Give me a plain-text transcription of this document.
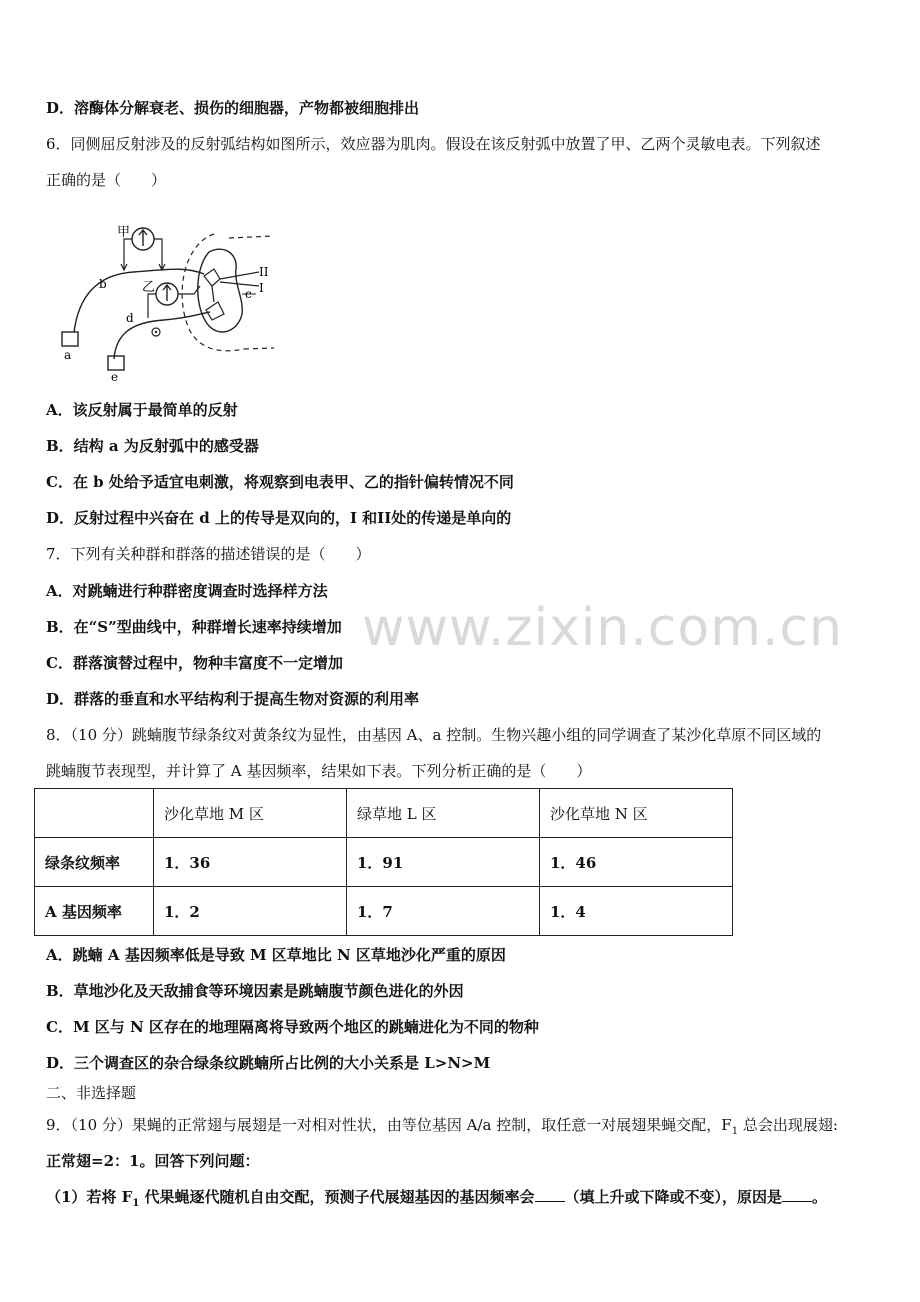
www.zixin.com.cn
D．溶酶体分解衰老、损伤的细胞器，产物都被细胞排出
6．同侧屈反射涉及的反射弧结构如图所示，效应器为肌肉。假设在该反射弧中放置了甲、乙两个灵敏电表。下列叙述
正确的是（　　）
甲
乙
b
d
c
II
I
a
e
A．该反射属于最简单的反射
B．结构 a 为反射弧中的感受器
C．在 b 处给予适宜电刺激，将观察到电表甲、乙的指针偏转情况不同
D．反射过程中兴奋在 d 上的传导是双向的，I 和II处的传递是单向的
7．下列有关种群和群落的描述错误的是（　　）
A．对跳蝻进行种群密度调查时选择样方法
B．在“S”型曲线中，种群增长速率持续增加
C．群落演替过程中，物种丰富度不一定增加
D．群落的垂直和水平结构利于提高生物对资源的利用率
8．（10 分）跳蝻腹节绿条纹对黄条纹为显性，由基因 A、a 控制。生物兴趣小组的同学调查了某沙化草原不同区域的
跳蝻腹节表现型，并计算了 A 基因频率，结果如下表。下列分析正确的是（　　）
	沙化草地 M 区	绿草地 L 区	沙化草地 N 区
绿条纹频率	1．36	1．91	1．46
A 基因频率	1．2	1．7	1．4
A．跳蝻 A 基因频率低是导致 M 区草地比 N 区草地沙化严重的原因
B．草地沙化及天敌捕食等环境因素是跳蝻腹节颜色进化的外因
C．M 区与 N 区存在的地理隔离将导致两个地区的跳蝻进化为不同的物种
D．三个调查区的杂合绿条纹跳蝻所占比例的大小关系是 L>N>M
二、非选择题
9．（10 分）果蝇的正常翅与展翅是一对相对性状，由等位基因 A/a 控制，取任意一对展翅果蝇交配，$F_1$ 总会出现展翅:
正常翅=2：1。回答下列问题：
（1）若将 $F_1$ 代果蝇逐代随机自由交配，预测子代展翅基因的基因频率会 （填上升或下降或不变），原因是 。
